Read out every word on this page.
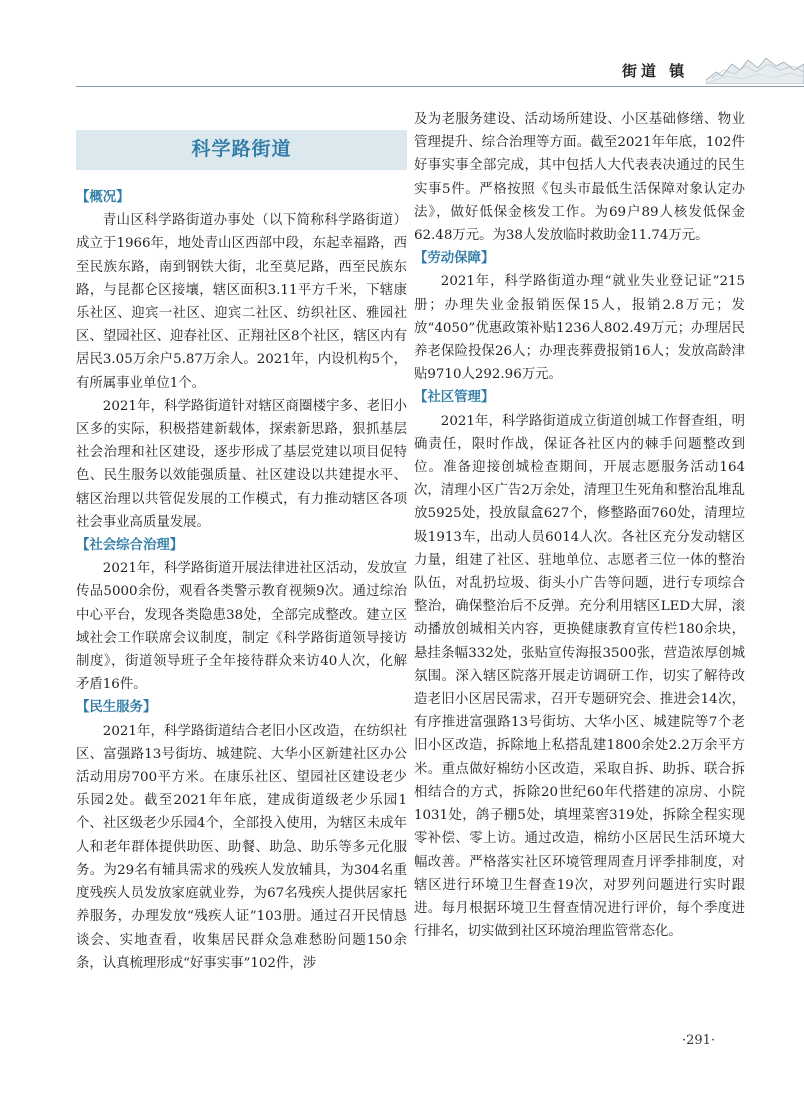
街道 镇
科学路街道
【概况】

青山区科学路街道办事处（以下简称科学路街道）成立于1966年，地处青山区西部中段，东起幸福路，西至民族东路，南到钢铁大街，北至莫尼路，西至民族东路，与昆都仑区接壤，辖区面积3.11平方千米，下辖康乐社区、迎宾一社区、迎宾二社区、纺织社区、雅园社区、望园社区、迎春社区、正翔社区8个社区，辖区内有居民3.05万余户5.87万余人。2021年，内设机构5个，有所属事业单位1个。

2021年，科学路街道针对辖区商圈楼宇多、老旧小区多的实际，积极搭建新载体，探索新思路，狠抓基层社会治理和社区建设，逐步形成了基层党建以项目促特色、民生服务以效能强质量、社区建设以共建提水平、辖区治理以共管促发展的工作模式，有力推动辖区各项社会事业高质量发展。

【社会综合治理】

2021年，科学路街道开展法律进社区活动，发放宣传品5000余份，观看各类警示教育视频9次。通过综治中心平台，发现各类隐患38处，全部完成整改。建立区域社会工作联席会议制度，制定《科学路街道领导接访制度》，街道领导班子全年接待群众来访40人次，化解矛盾16件。

【民生服务】

2021年，科学路街道结合老旧小区改造，在纺织社区、富强路13号街坊、城建院、大华小区新建社区办公活动用房700平方米。在康乐社区、望园社区建设老少乐园2处。截至2021年年底，建成街道级老少乐园1个、社区级老少乐园4个，全部投入使用，为辖区未成年人和老年群体提供助医、助餐、助急、助乐等多元化服务。为29名有辅具需求的残疾人发放辅具，为304名重度残疾人员发放家庭就业券，为67名残疾人提供居家托养服务，办理发放“残疾人证”103册。通过召开民情恳谈会、实地查看，收集居民群众急难愁盼问题150余条，认真梳理形成“好事实事”102件，涉

及为老服务建设、活动场所建设、小区基础修缮、物业管理提升、综合治理等方面。截至2021年年底，102件好事实事全部完成，其中包括人大代表表决通过的民生实事5件。严格按照《包头市最低生活保障对象认定办法》，做好低保金核发工作。为69户89人核发低保金62.48万元。为38人发放临时救助金11.74万元。

【劳动保障】

2021年，科学路街道办理“就业失业登记证”215册；办理失业金报销医保15人，报销2.8万元；发放“4050”优惠政策补贴1236人802.49万元；办理居民养老保险投保26人；办理丧葬费报销16人；发放高龄津贴9710人292.96万元。

【社区管理】

2021年，科学路街道成立街道创城工作督查组，明确责任，限时作战，保证各社区内的棘手问题整改到位。准备迎接创城检查期间，开展志愿服务活动164次，清理小区广告2万余处，清理卫生死角和整治乱堆乱放5925处，投放鼠盒627个，修整路面760处，清理垃圾1913车，出动人员6014人次。各社区充分发动辖区力量，组建了社区、驻地单位、志愿者三位一体的整治队伍，对乱扔垃圾、街头小广告等问题，进行专项综合整治，确保整治后不反弹。充分利用辖区LED大屏，滚动播放创城相关内容，更换健康教育宣传栏180余块，悬挂条幅332处，张贴宣传海报3500张，营造浓厚创城氛围。深入辖区院落开展走访调研工作，切实了解待改造老旧小区居民需求，召开专题研究会、推进会14次，有序推进富强路13号街坊、大华小区、城建院等7个老旧小区改造，拆除地上私搭乱建1800余处2.2万余平方米。重点做好棉纺小区改造，采取自拆、助拆、联合拆相结合的方式，拆除20世纪60年代搭建的凉房、小院1031处，鸽子棚5处，填埋菜窖319处，拆除全程实现零补偿、零上访。通过改造，棉纺小区居民生活环境大幅改善。严格落实社区环境管理周查月评季排制度，对辖区进行环境卫生督查19次，对罗列问题进行实时跟进。每月根据环境卫生督查情况进行评价，每个季度进行排名，切实做到社区环境治理监管常态化。

·291·
